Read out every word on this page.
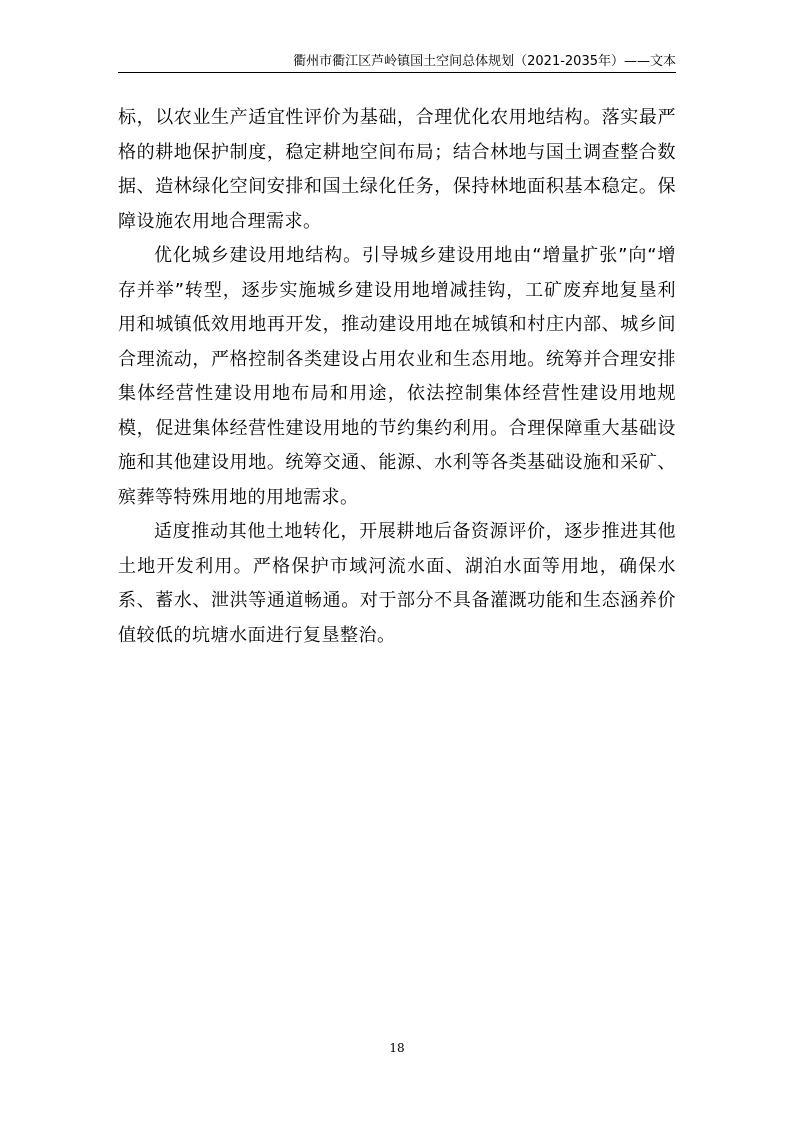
衢州市衢江区芦岭镇国土空间总体规划（2021-2035年）——文本

标，以农业生产适宜性评价为基础，合理优化农用地结构。落实最严格的耕地保护制度，稳定耕地空间布局；结合林地与国土调查整合数据、造林绿化空间安排和国土绿化任务，保持林地面积基本稳定。保障设施农用地合理需求。

优化城乡建设用地结构。引导城乡建设用地由“增量扩张”向“增存并举”转型，逐步实施城乡建设用地增减挂钩，工矿废弃地复垦利用和城镇低效用地再开发，推动建设用地在城镇和村庄内部、城乡间合理流动，严格控制各类建设占用农业和生态用地。统筹并合理安排集体经营性建设用地布局和用途，依法控制集体经营性建设用地规模，促进集体经营性建设用地的节约集约利用。合理保障重大基础设施和其他建设用地。统筹交通、能源、水利等各类基础设施和采矿、殡葬等特殊用地的用地需求。

适度推动其他土地转化，开展耕地后备资源评价，逐步推进其他土地开发利用。严格保护市域河流水面、湖泊水面等用地，确保水系、蓄水、泄洪等通道畅通。对于部分不具备灌溉功能和生态涵养价值较低的坑塘水面进行复垦整治。

18
